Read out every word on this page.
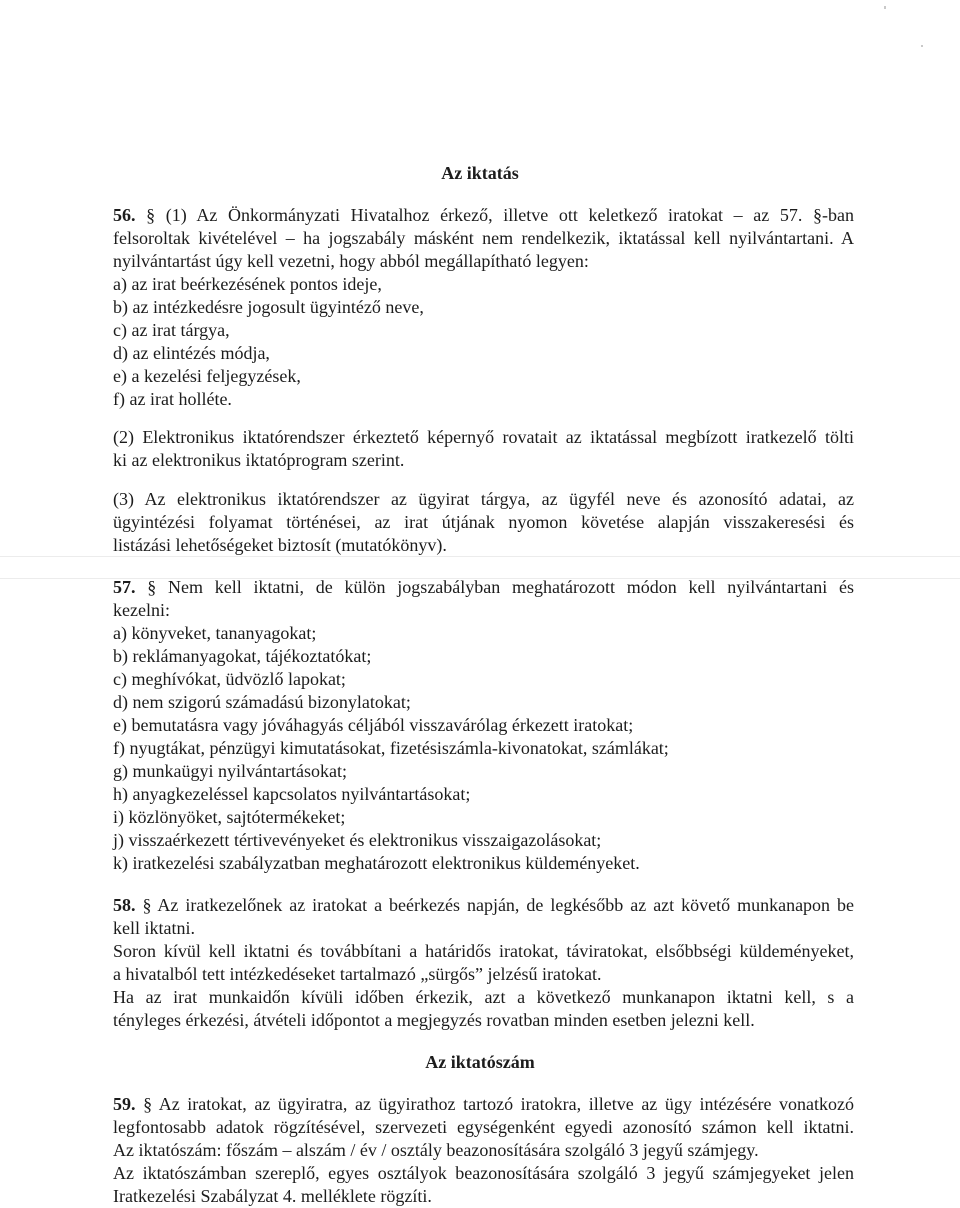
Az iktatás
56. § (1) Az Önkormányzati Hivatalhoz érkező, illetve ott keletkező iratokat – az 57. §-ban
felsoroltak kivételével – ha jogszabály másként nem rendelkezik, iktatással kell nyilvántartani. A
nyilvántartást úgy kell vezetni, hogy abból megállapítható legyen:
a) az irat beérkezésének pontos ideje,
b) az intézkedésre jogosult ügyintéző neve,
c) az irat tárgya,
d) az elintézés módja,
e) a kezelési feljegyzések,
f) az irat holléte.
(2) Elektronikus iktatórendszer érkeztető képernyő rovatait az iktatással megbízott iratkezelő tölti
ki az elektronikus iktatóprogram szerint.
(3) Az elektronikus iktatórendszer az ügyirat tárgya, az ügyfél neve és azonosító adatai, az
ügyintézési folyamat történései, az irat útjának nyomon követése alapján visszakeresési és
listázási lehetőségeket biztosít (mutatókönyv).
57. § Nem kell iktatni, de külön jogszabályban meghatározott módon kell nyilvántartani és
kezelni:
a) könyveket, tananyagokat;
b) reklámanyagokat, tájékoztatókat;
c) meghívókat, üdvözlő lapokat;
d) nem szigorú számadású bizonylatokat;
e) bemutatásra vagy jóváhagyás céljából visszavárólag érkezett iratokat;
f) nyugtákat, pénzügyi kimutatásokat, fizetésiszámla-kivonatokat, számlákat;
g) munkaügyi nyilvántartásokat;
h) anyagkezeléssel kapcsolatos nyilvántartásokat;
i) közlönyöket, sajtótermékeket;
j) visszaérkezett tértivevényeket és elektronikus visszaigazolásokat;
k) iratkezelési szabályzatban meghatározott elektronikus küldeményeket.
58. § Az iratkezelőnek az iratokat a beérkezés napján, de legkésőbb az azt követő munkanapon be
kell iktatni.
Soron kívül kell iktatni és továbbítani a határidős iratokat, táviratokat, elsőbbségi küldeményeket,
a hivatalból tett intézkedéseket tartalmazó „sürgős” jelzésű iratokat.
Ha az irat munkaidőn kívüli időben érkezik, azt a következő munkanapon iktatni kell, s a
tényleges érkezési, átvételi időpontot a megjegyzés rovatban minden esetben jelezni kell.
Az iktatószám
59. § Az iratokat, az ügyiratra, az ügyirathoz tartozó iratokra, illetve az ügy intézésére vonatkozó
legfontosabb adatok rögzítésével, szervezeti egységenként egyedi azonosító számon kell iktatni.
Az iktatószám: főszám – alszám / év / osztály beazonosítására szolgáló 3 jegyű számjegy.
Az iktatószámban szereplő, egyes osztályok beazonosítására szolgáló 3 jegyű számjegyeket jelen
Iratkezelési Szabályzat 4. melléklete rögzíti.
